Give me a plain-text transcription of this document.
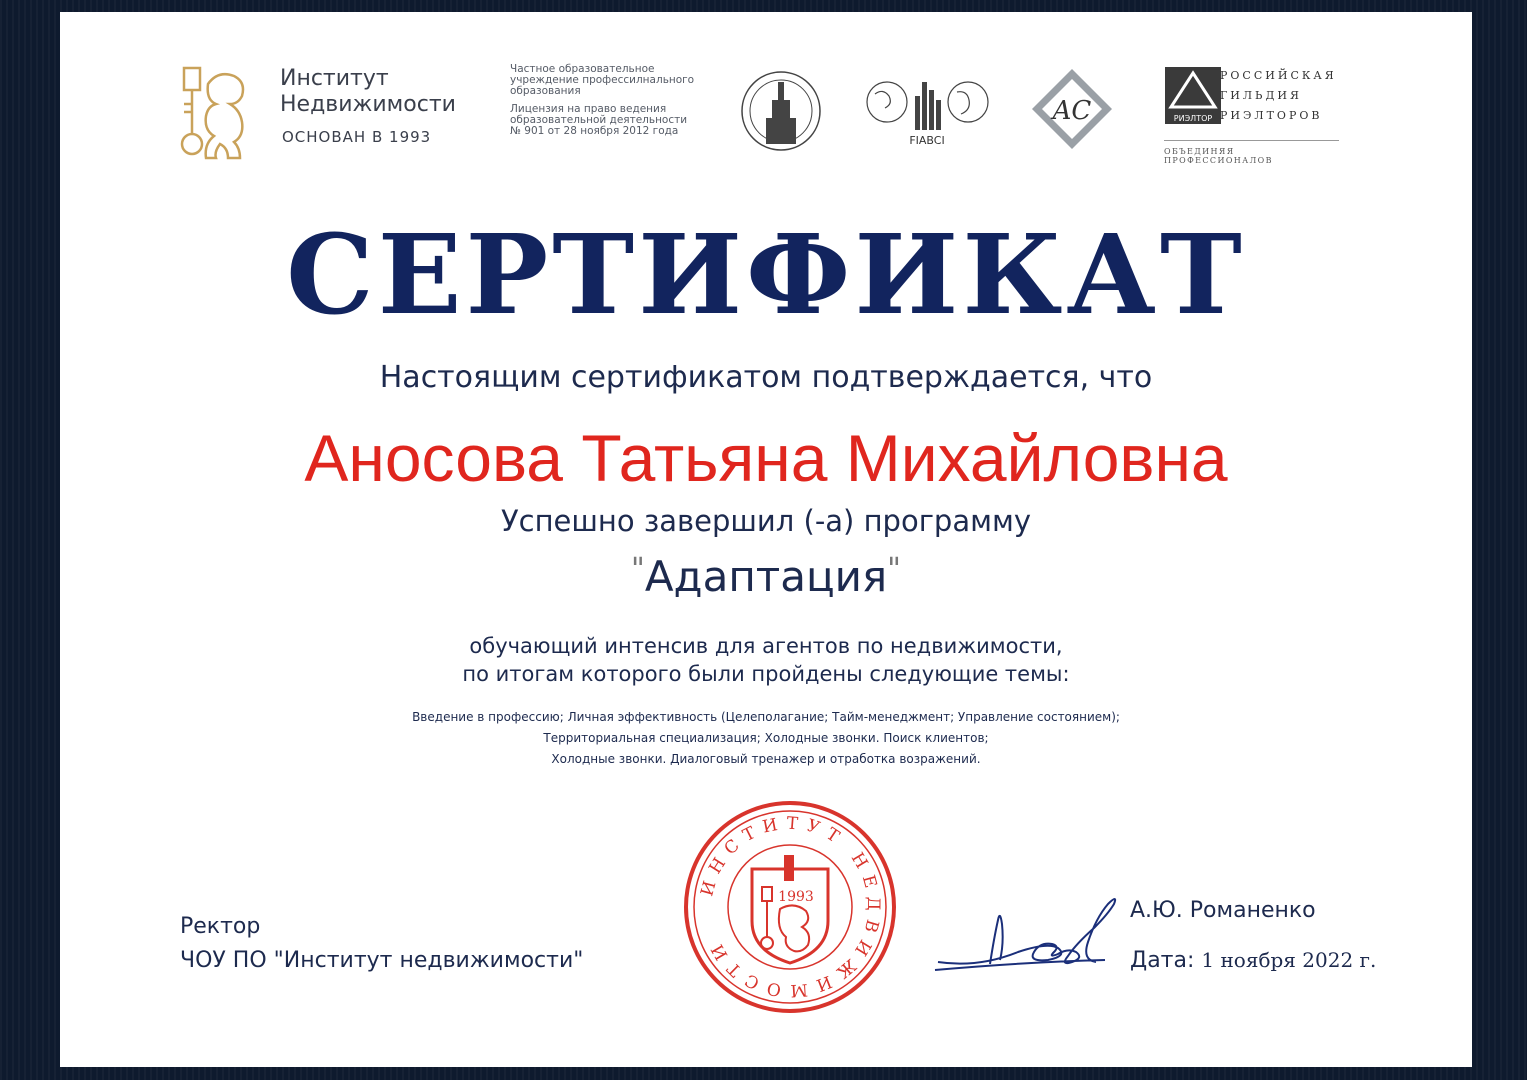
Институт
Недвижимости
ОСНОВАН В 1993
Частное образовательное
учреждение профессилнального
образования
Лицензия на право ведения
образовательной деятельности
№ 901 от 28 ноября 2012 года
FIABCI
AC	РИЭЛТОР
РОССИЙСКАЯ
ГИЛЬДИЯ
РИЭЛТОРОВ
ОБЪЕДИНЯЯ ПРОФЕССИОНАЛОВ
СЕРТИФИКАТ
Настоящим сертификатом подтверждается, что
Аносова Татьяна Михайловна
Успешно завершил (-а) программу
"Адаптация"
обучающий интенсив для агентов по недвижимости,
по итогам которого были пройдены следующие темы:
Введение в профессию; Личная эффективность (Целеполагание; Тайм-менеджмент; Управление состоянием);
Территориальная специализация; Холодные звонки. Поиск клиентов;
Холодные звонки. Диалоговый тренажер и отработка возражений.
Ректор
ЧОУ ПО "Институт недвижимости"
ИНСТИТУТ НЕДВИЖИМОСТИ
1993
А.Ю. Романенко
Дата: 1 ноября 2022 г.
